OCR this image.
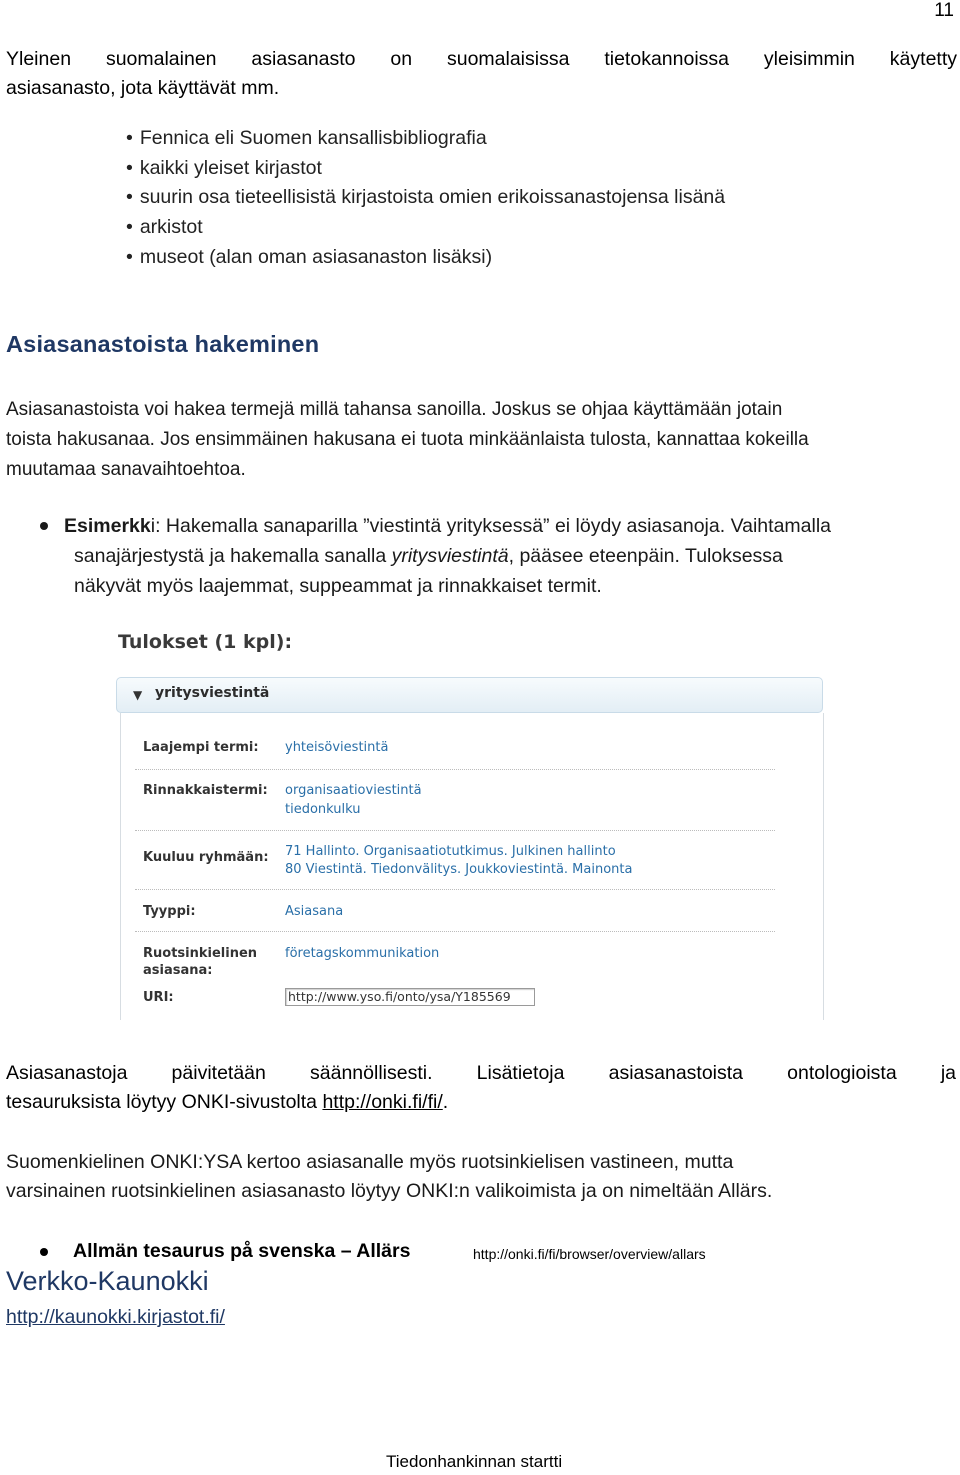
11
Yleinen suomalainen asiasanasto on suomalaisissa tietokannoissa yleisimmin käytetty
asiasanasto, jota käyttävät mm.
• Fennica eli Suomen kansallisbibliografia
• kaikki yleiset kirjastot
• suurin osa tieteellisistä kirjastoista omien erikoissanastojensa lisänä
• arkistot
• museot (alan oman asiasanaston lisäksi)
Asiasanastoista hakeminen
Asiasanastoista voi hakea termejä millä tahansa sanoilla. Joskus se ohjaa käyttämään jotain
toista hakusanaa. Jos ensimmäinen hakusana ei tuota minkäänlaista tulosta, kannattaa kokeilla
muutamaa sanavaihtoehtoa.
Esimerkki: Hakemalla sanaparilla ”viestintä yrityksessä” ei löydy asiasanoja. Vaihtamalla
sanajärjestystä ja hakemalla sanalla yritysviestintä, pääsee eteenpäin. Tuloksessa
näkyvät myös laajemmat, suppeammat ja rinnakkaiset termit.
Tulokset (1 kpl):
▼ yritysviestintä
Laajempi termi:	yhteisöviestintä
Rinnakkaistermi:	organisaatioviestintä
tiedonkulku
Kuuluu ryhmään:	71 Hallinto. Organisaatiotutkimus. Julkinen hallinto
80 Viestintä. Tiedonvälitys. Joukkoviestintä. Mainonta
Tyyppi:	Asiasana
Ruotsinkielinen
asiasana:
företagskommunikation
URI:	http://www.yso.fi/onto/ysa/Y185569
Asiasanastoja päivitetään säännöllisesti. Lisätietoja asiasanastoista ontologioista ja
tesauruksista löytyy ONKI-sivustolta http://onki.fi/fi/.
Suomenkielinen ONKI:YSA kertoo asiasanalle myös ruotsinkielisen vastineen, mutta
varsinainen ruotsinkielinen asiasanasto löytyy ONKI:n valikoimista ja on nimeltään Allärs.
Allmän tesaurus på svenska – Allärs	http://onki.fi/fi/browser/overview/allars
Verkko-Kaunokki
http://kaunokki.kirjastot.fi/
Tiedonhankinnan startti
